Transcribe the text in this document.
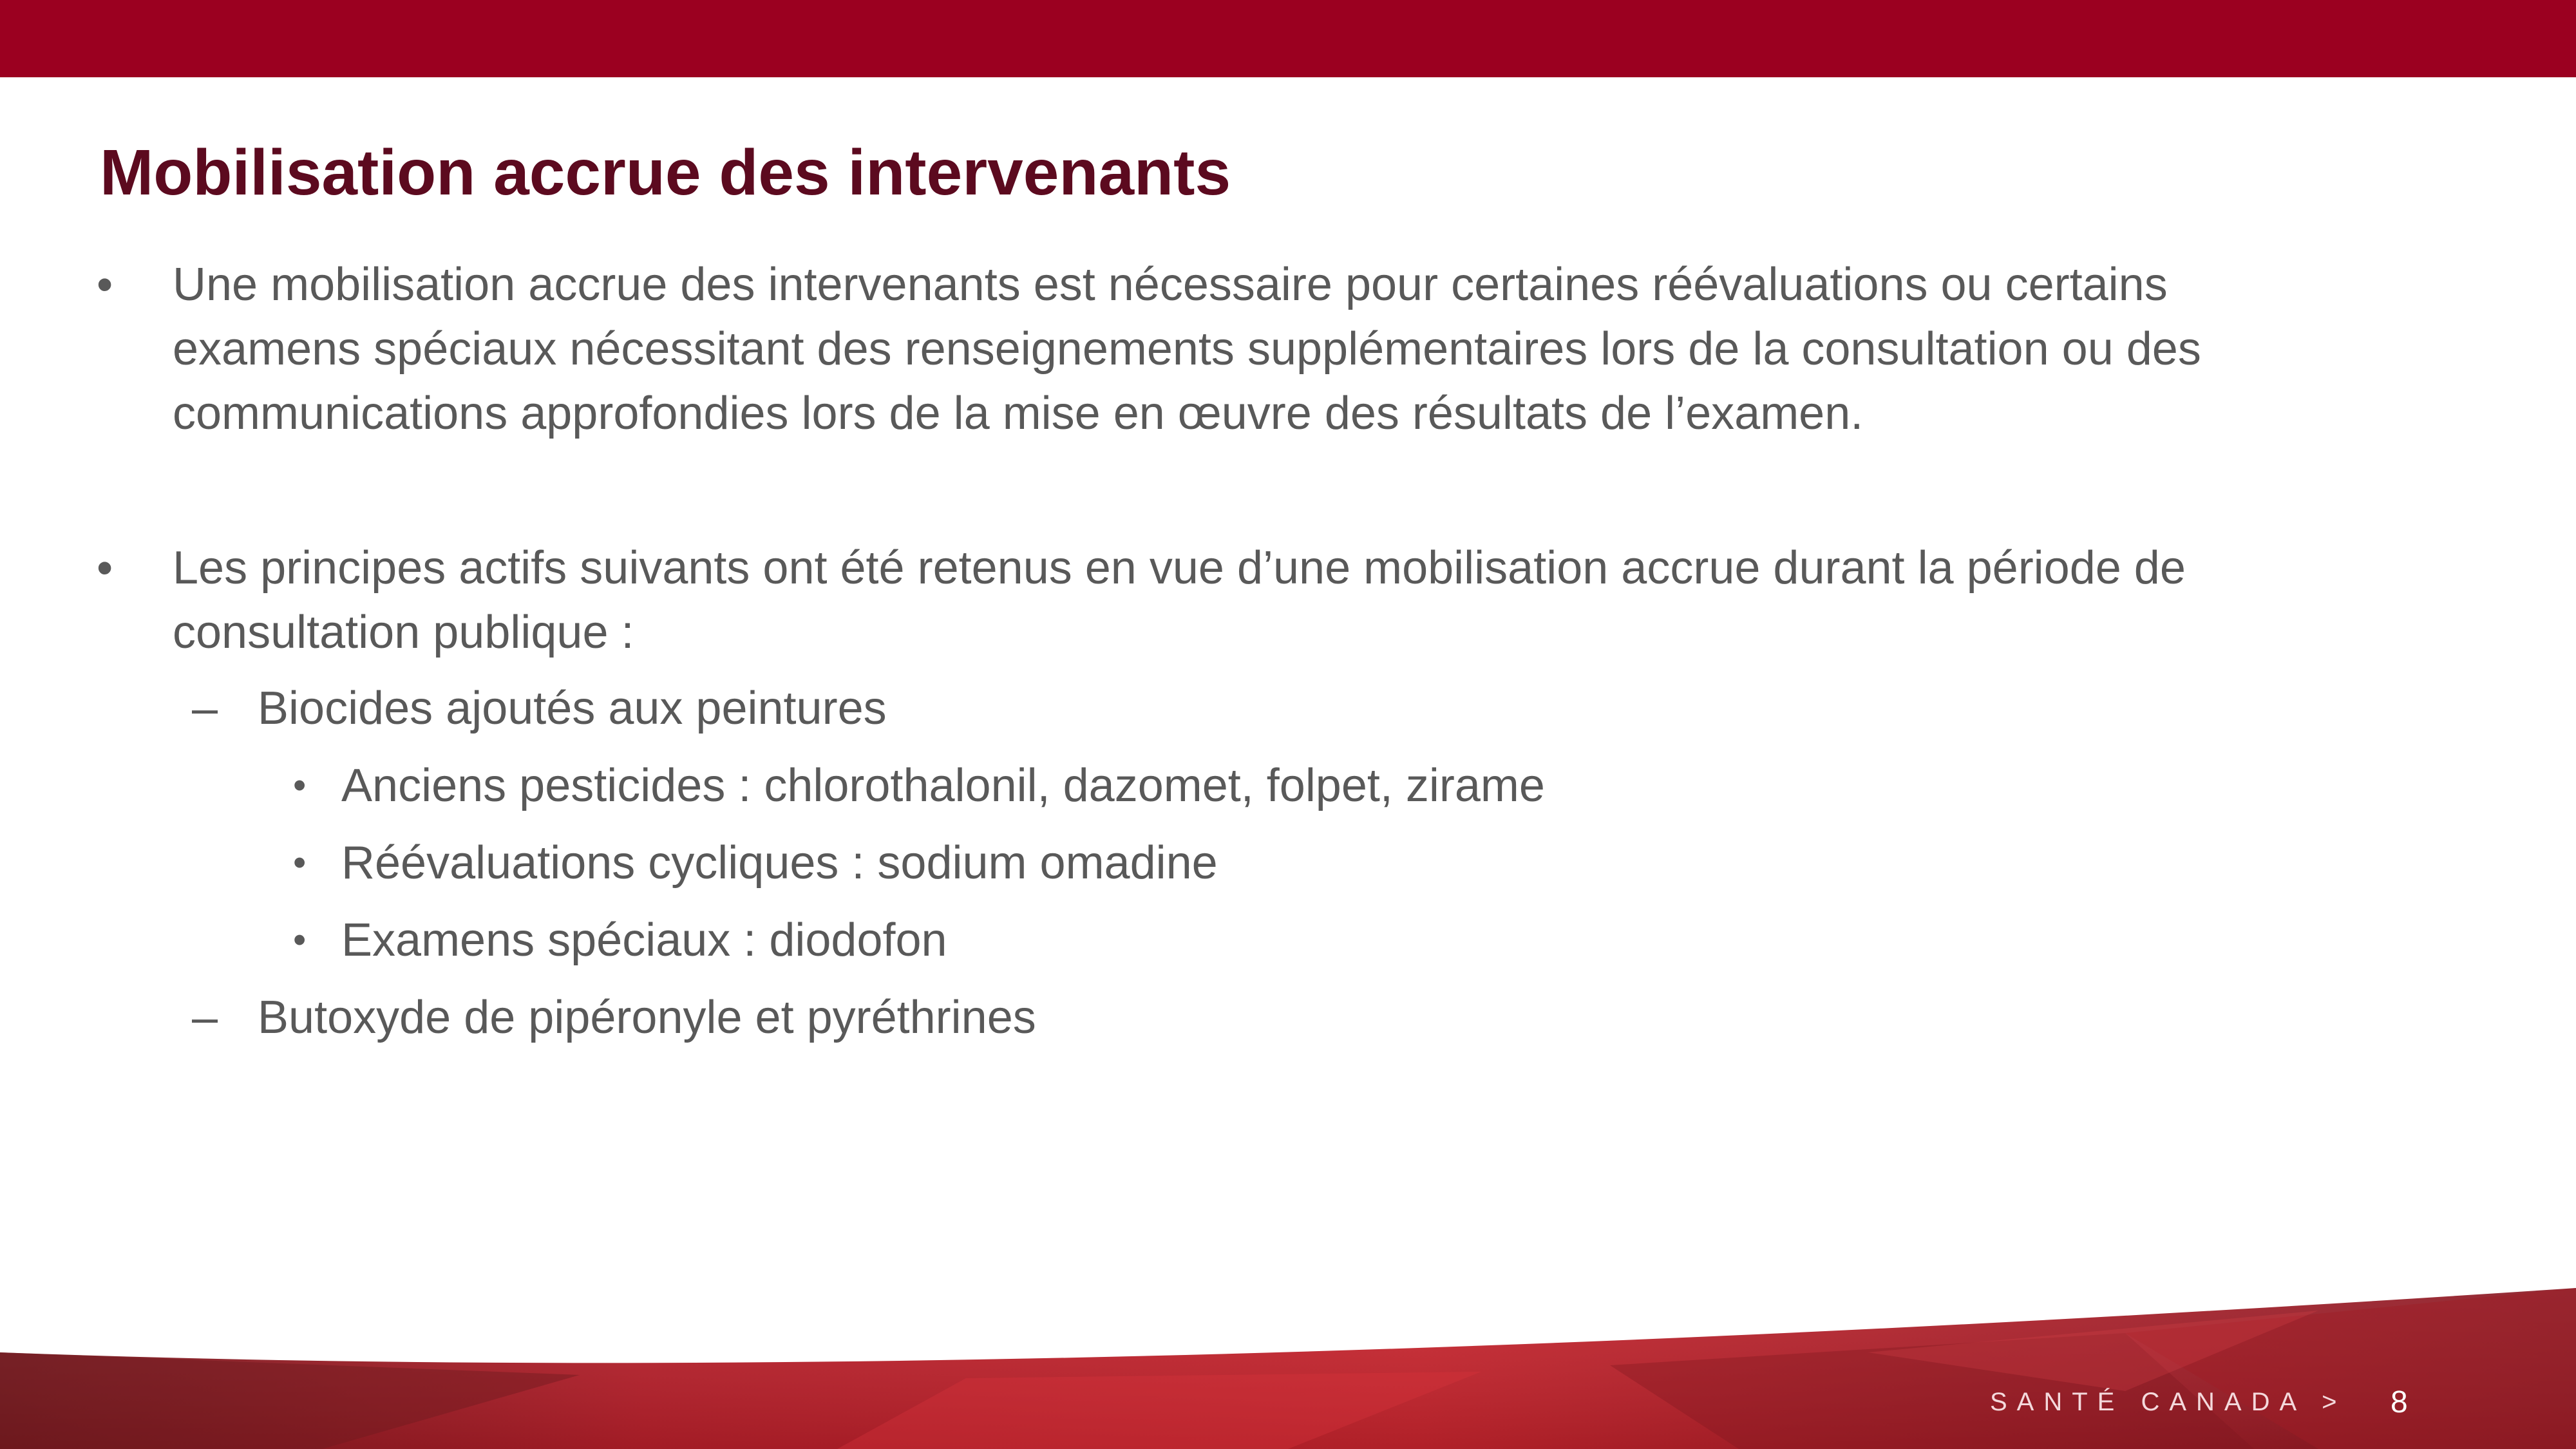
Mobilisation accrue des intervenants
• Une mobilisation accrue des intervenants est nécessaire pour certaines réévaluations ou certains examens spéciaux nécessitant des renseignements supplémentaires lors de la consultation ou des communications approfondies lors de la mise en œuvre des résultats de l’examen.
• Les principes actifs suivants ont été retenus en vue d’une mobilisation accrue durant la période de consultation publique :
– Biocides ajoutés aux peintures
• Anciens pesticides : chlorothalonil, dazomet, folpet, zirame
• Réévaluations cycliques : sodium omadine
• Examens spéciaux : diodofon
– Butoxyde de pipéronyle et pyréthrines
SANTÉ CANADA > 8
